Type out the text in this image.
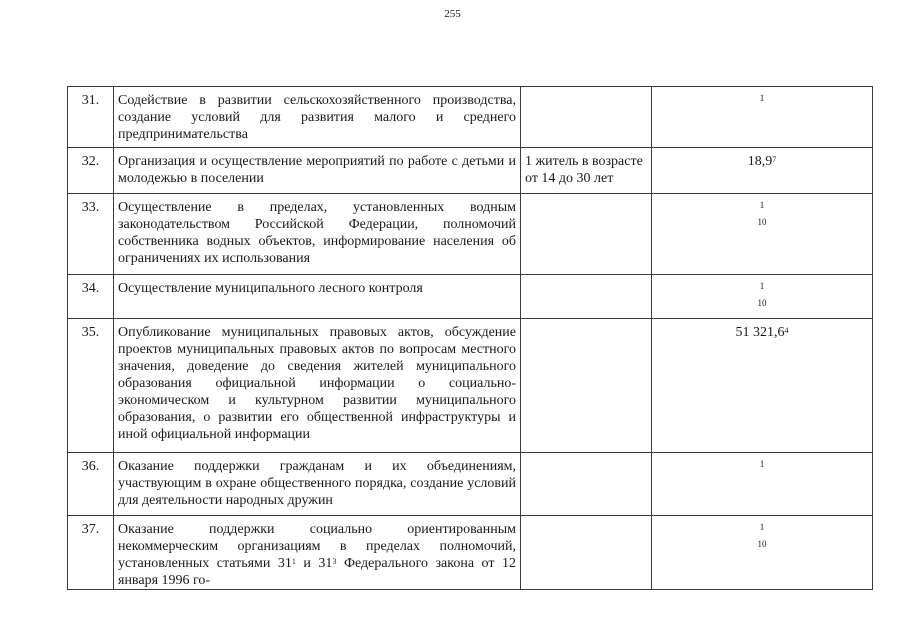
255
31.	Содействие в развитии сельскохозяйственного производства, создание условий для развития малого и среднего предпринимательства		1

32.	Организация и осуществление мероприятий по работе с детьми и молодежью в поселении	1 житель в возрасте от 14 до 30 лет	18,9$^7$
33.	Осуществление в пределах, установленных водным законодательством Российской Федерации, полномочий собственника водных объектов, информирование населения об ограничениях их использования		1
10

34.	Осуществление муниципального лесного контроля		1
10

35.	Опубликование муниципальных правовых актов, обсуждение проектов муниципальных правовых актов по вопросам местного значения, доведение до сведения жителей муниципального образования официальной информации о социально-экономическом и культурном развитии муниципального образования, о развитии его общественной инфраструктуры и иной официальной информации		51 321,6$^4$
36.	Оказание поддержки гражданам и их объединениям, участвующим в охране общественного порядка, создание условий для деятельности народных дружин		1

37.	Оказание поддержки социально ориентированным некоммерческим организациям в пределах полномочий, установленных статьями $31^1$ и $31^3$ Федерального закона от 12 января 1996 го-		1
10
